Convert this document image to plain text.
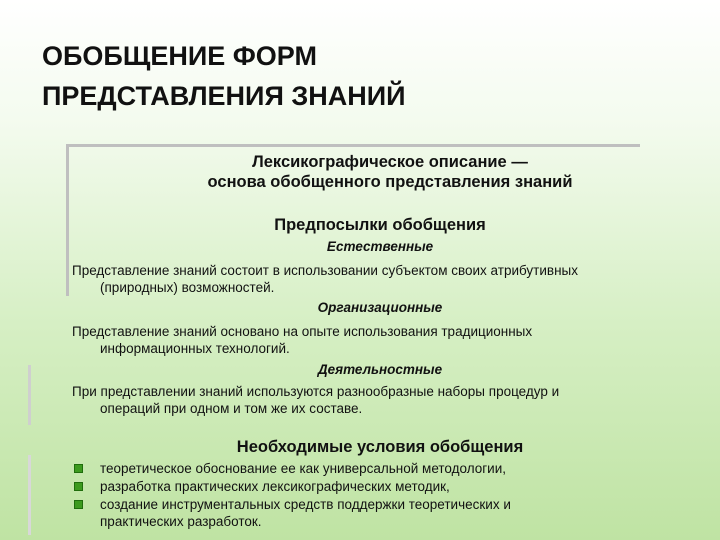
ОБОБЩЕНИЕ ФОРМ
ПРЕДСТАВЛЕНИЯ ЗНАНИЙ
Лексикографическое описание —
основа обобщенного представления знаний
Предпосылки обобщения
Естественные
Представление знаний состоит в использовании субъектом своих атрибутивных
(природных) возможностей.
Организационные
Представление знаний основано на опыте использования традиционных
информационных технологий.
Деятельностные
При представлении знаний используются разнообразные наборы процедур и
операций при одном и том же их составе.
Необходимые условия обобщения
теоретическое обоснование ее как универсальной методологии,
разработка практических лексикографических методик,
создание инструментальных средств поддержки теоретических и
практических разработок.
